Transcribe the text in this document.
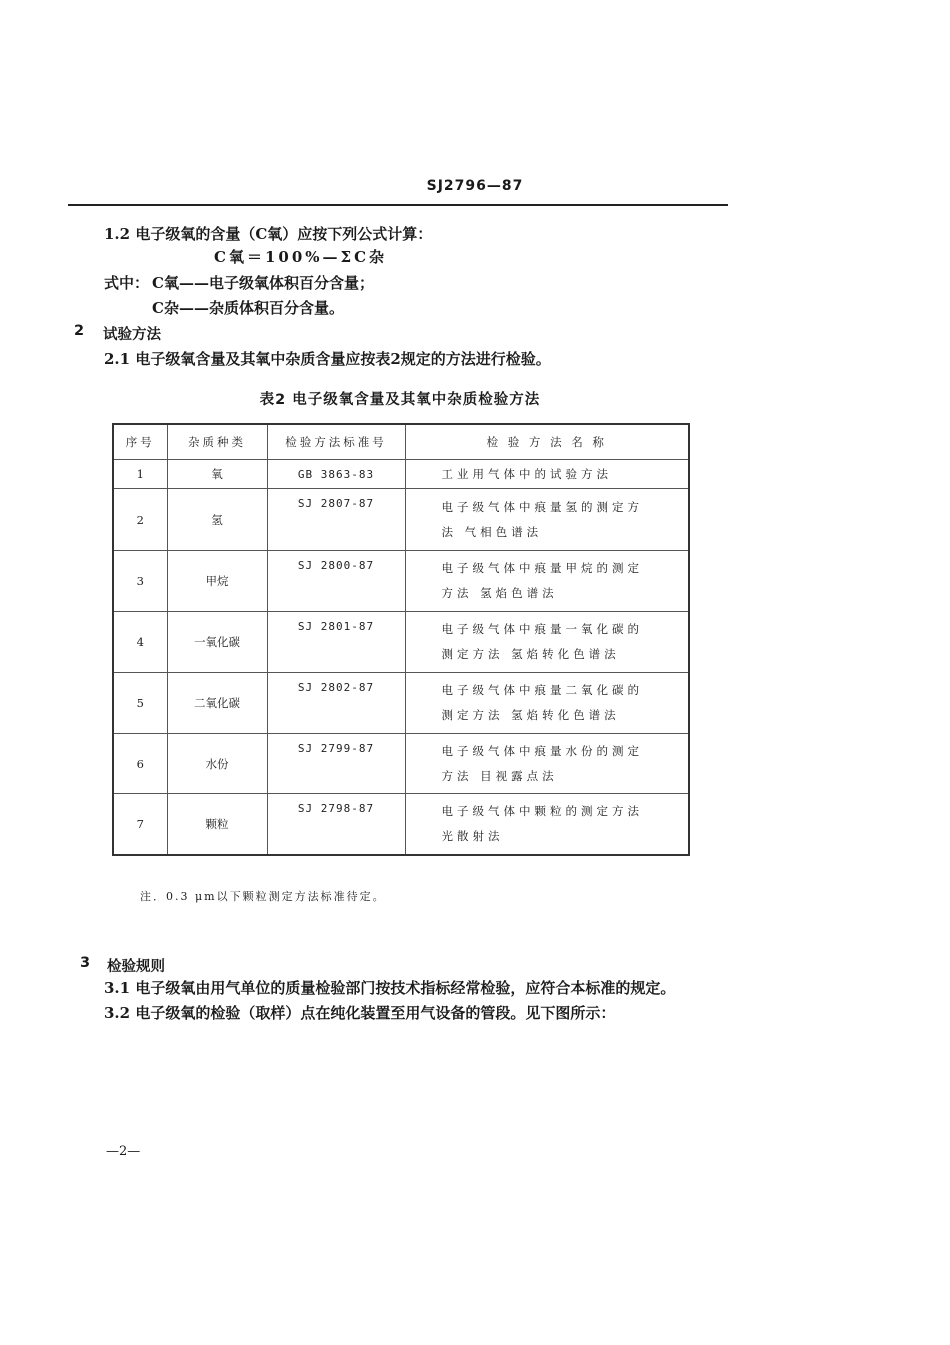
SJ2796—87
1.2 电子级氧的含量（C氧）应按下列公式计算：
C氧＝100%—ΣC杂
式中： C氧——电子级氧体积百分含量；
C杂——杂质体积百分含量。
2 试验方法
2.1 电子级氧含量及其氧中杂质含量应按表2规定的方法进行检验。
表2 电子级氧含量及其氧中杂质检验方法
序号	杂质种类	检验方法标准号	检 验 方 法 名 称
1	氧	GB 3863-83	工业用气体中的试验方法
2	氢	SJ 2807-87	电子级气体中痕量氢的测定方
法 气相色谱法

3	甲烷	SJ 2800-87	电子级气体中痕量甲烷的测定
方法 氢焰色谱法

4	一氧化碳	SJ 2801-87	电子级气体中痕量一氧化碳的
测定方法 氢焰转化色谱法

5	二氧化碳	SJ 2802-87	电子级气体中痕量二氧化碳的
测定方法 氢焰转化色谱法

6	水份	SJ 2799-87	电子级气体中痕量水份的测定
方法 目视露点法

7	颗粒	SJ 2798-87	电子级气体中颗粒的测定方法
光散射法
注．0.3 μm以下颗粒测定方法标准待定。
3 检验规则
3.1 电子级氧由用气单位的质量检验部门按技术指标经常检验，应符合本标准的规定。
3.2 电子级氧的检验（取样）点在纯化装置至用气设备的管段。见下图所示：
—2—
